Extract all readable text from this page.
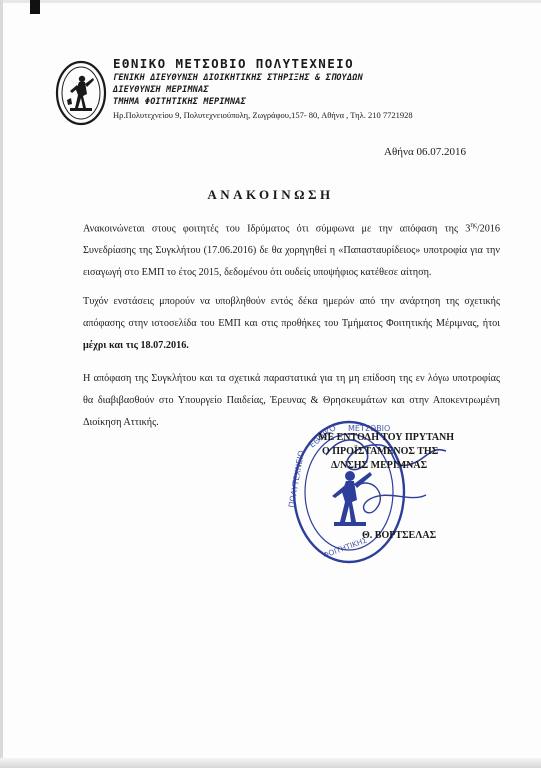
ΕΘΝΙΚΟ ΜΕΤΣΟΒΙΟ ΠΟΛΥΤΕΧΝΕΙΟ
ΓΕΝΙΚΗ ΔΙΕΥΘΥΝΣΗ ΔΙΟΙΚΗΤΙΚΗΣ ΣΤΗΡΙΞΗΣ & ΣΠΟΥΔΩΝ
ΔΙΕΥΘΥΝΣΗ ΜΕΡΙΜΝΑΣ
ΤΜΗΜΑ ΦΟΙΤΗΤΙΚΗΣ ΜΕΡΙΜΝΑΣ
Ηρ.Πολυτεχνείου 9, Πολυτεχνειούπολη, Ζωγράφου,157- 80, Αθήνα , Τηλ. 210 7721928
Αθήνα 06.07.2016
ΑΝΑΚΟΙΝΩΣΗ
Ανακοινώνεται στους φοιτητές του Ιδρύματος ότι σύμφωνα με την απόφαση της $3^{\eta\varsigma}/2016$ Συνεδρίασης της Συγκλήτου (17.06.2016) δε θα χορηγηθεί η «Παπασταυρίδειος» υποτροφία για την εισαγωγή στο ΕΜΠ το έτος 2015, δεδομένου ότι ουδείς υποψήφιος κατέθεσε αίτηση.
Τυχόν ενστάσεις μπορούν να υποβληθούν εντός δέκα ημερών από την ανάρτηση της σχετικής απόφασης στην ιστοσελίδα του ΕΜΠ και στις προθήκες του Τμήματος Φοιτητικής Μέριμνας, ήτοι μέχρι και τις 18.07.2016.
Η απόφαση της Συγκλήτου και τα σχετικά παραστατικά για τη μη επίδοση της εν λόγω υποτροφίας θα διαβιβασθούν στο Υπουργείο Παιδείας, Έρευνας & Θρησκευμάτων και στην Αποκεντρωμένη Διοίκηση Αττικής.
ΕΘΝΙΚΟ ΜΕΤΣΟΒΙΟ
ΠΟΛΥΤΕΧΝΕΙΟ
ΦΟΙΤΗΤΙΚΗΣ
ΜΕ ΕΝΤΟΛΗ ΤΟΥ ΠΡΥΤΑΝΗ
Ο ΠΡΟΪΣΤΑΜΕΝΟΣ ΤΗΣ
Δ/ΝΣΗΣ ΜΕΡΙΜΝΑΣ
Θ. ΒΟΡΤΣΕΛΑΣ
